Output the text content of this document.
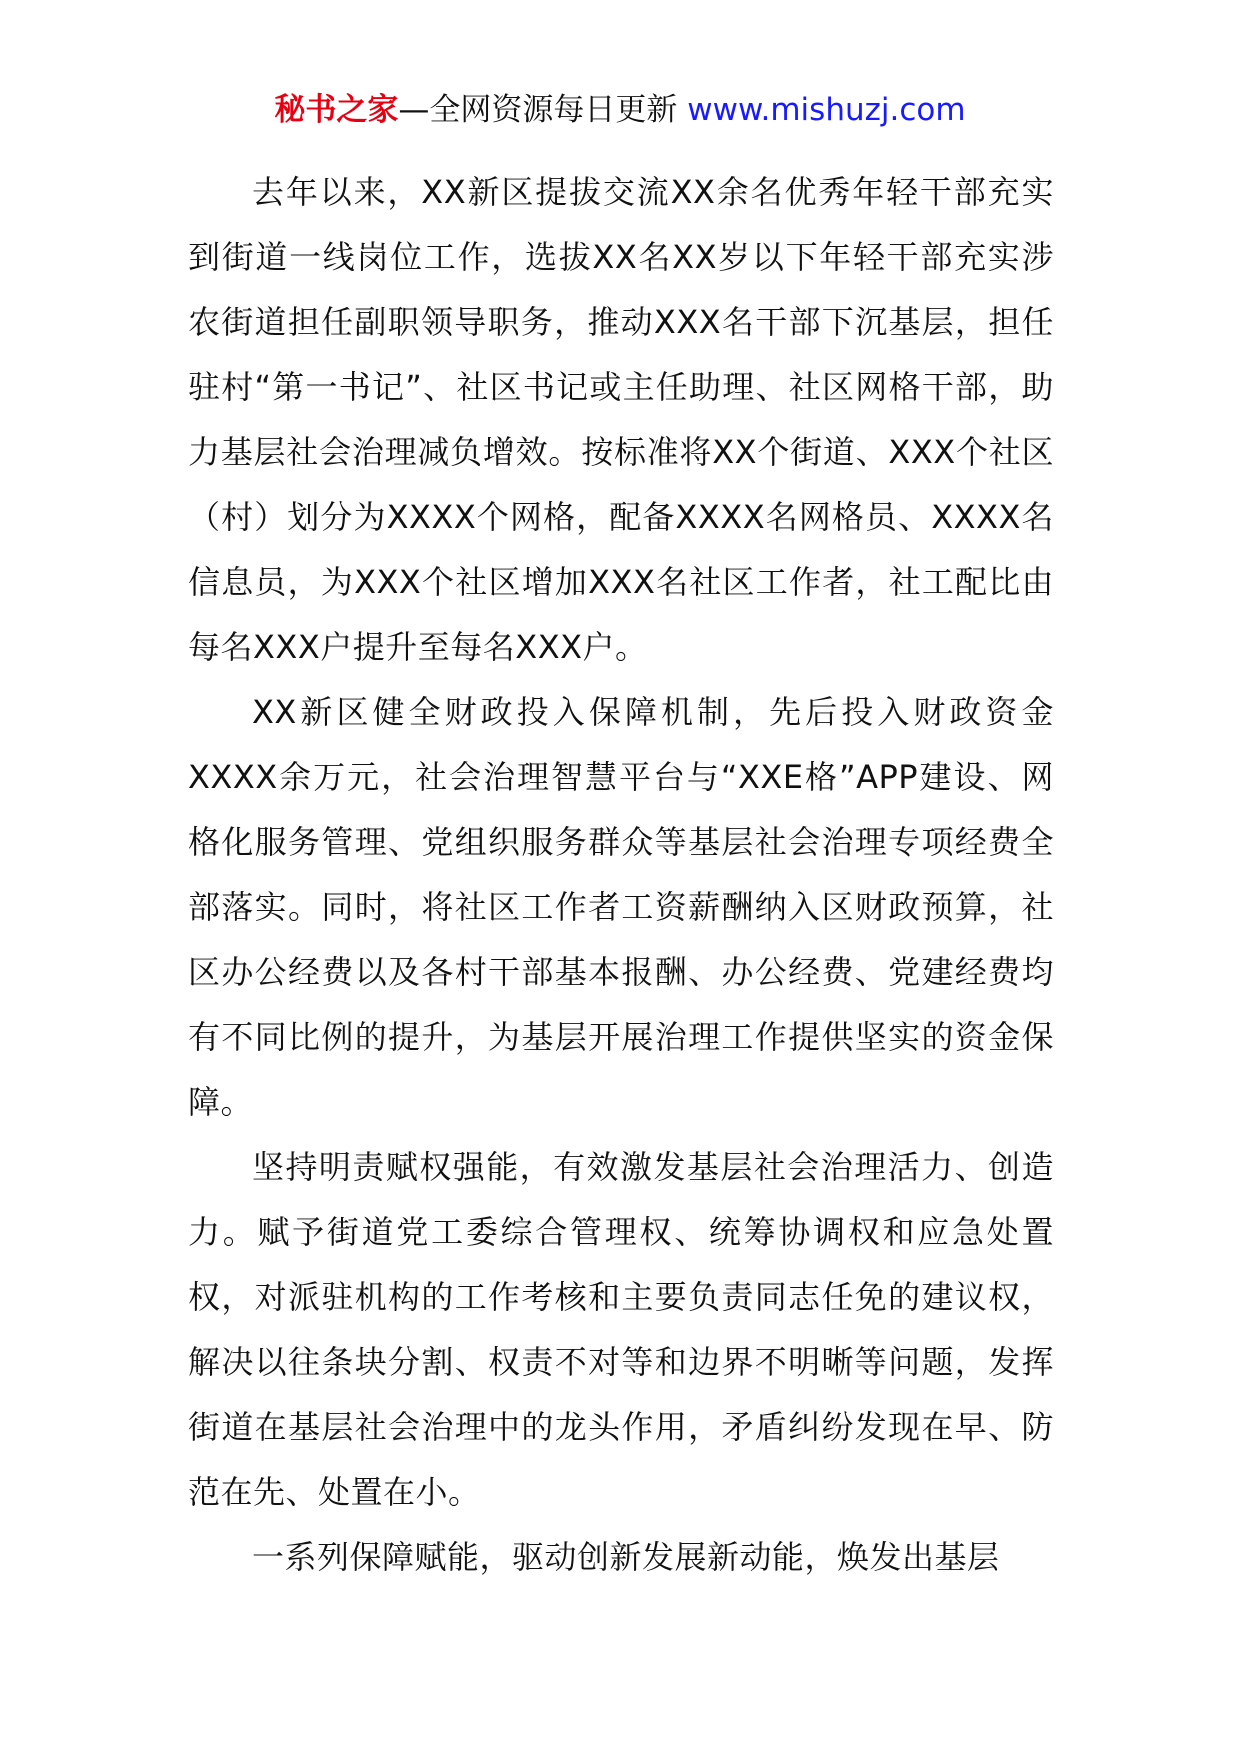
秘书之家—全网资源每日更新 www.mishuzj.com

去年以来，XX新区提拔交流XX余名优秀年轻干部充实到街道一线岗位工作，选拔XX名XX岁以下年轻干部充实涉农街道担任副职领导职务，推动XXX名干部下沉基层，担任驻村“第一书记”、社区书记或主任助理、社区网格干部，助力基层社会治理减负增效。按标准将XX个街道、XXX个社区（村）划分为XXXX个网格，配备XXXX名网格员、XXXX名信息员，为XXX个社区增加XXX名社区工作者，社工配比由每名XXX户提升至每名XXX户。

XX新区健全财政投入保障机制，先后投入财政资金XXXX余万元，社会治理智慧平台与“XXE格”APP建设、网格化服务管理、党组织服务群众等基层社会治理专项经费全部落实。同时，将社区工作者工资薪酬纳入区财政预算，社区办公经费以及各村干部基本报酬、办公经费、党建经费均有不同比例的提升，为基层开展治理工作提供坚实的资金保障。

坚持明责赋权强能，有效激发基层社会治理活力、创造力。赋予街道党工委综合管理权、统筹协调权和应急处置权，对派驻机构的工作考核和主要负责同志任免的建议权，解决以往条块分割、权责不对等和边界不明晰等问题，发挥街道在基层社会治理中的龙头作用，矛盾纠纷发现在早、防范在先、处置在小。

一系列保障赋能，驱动创新发展新动能，焕发出基层
